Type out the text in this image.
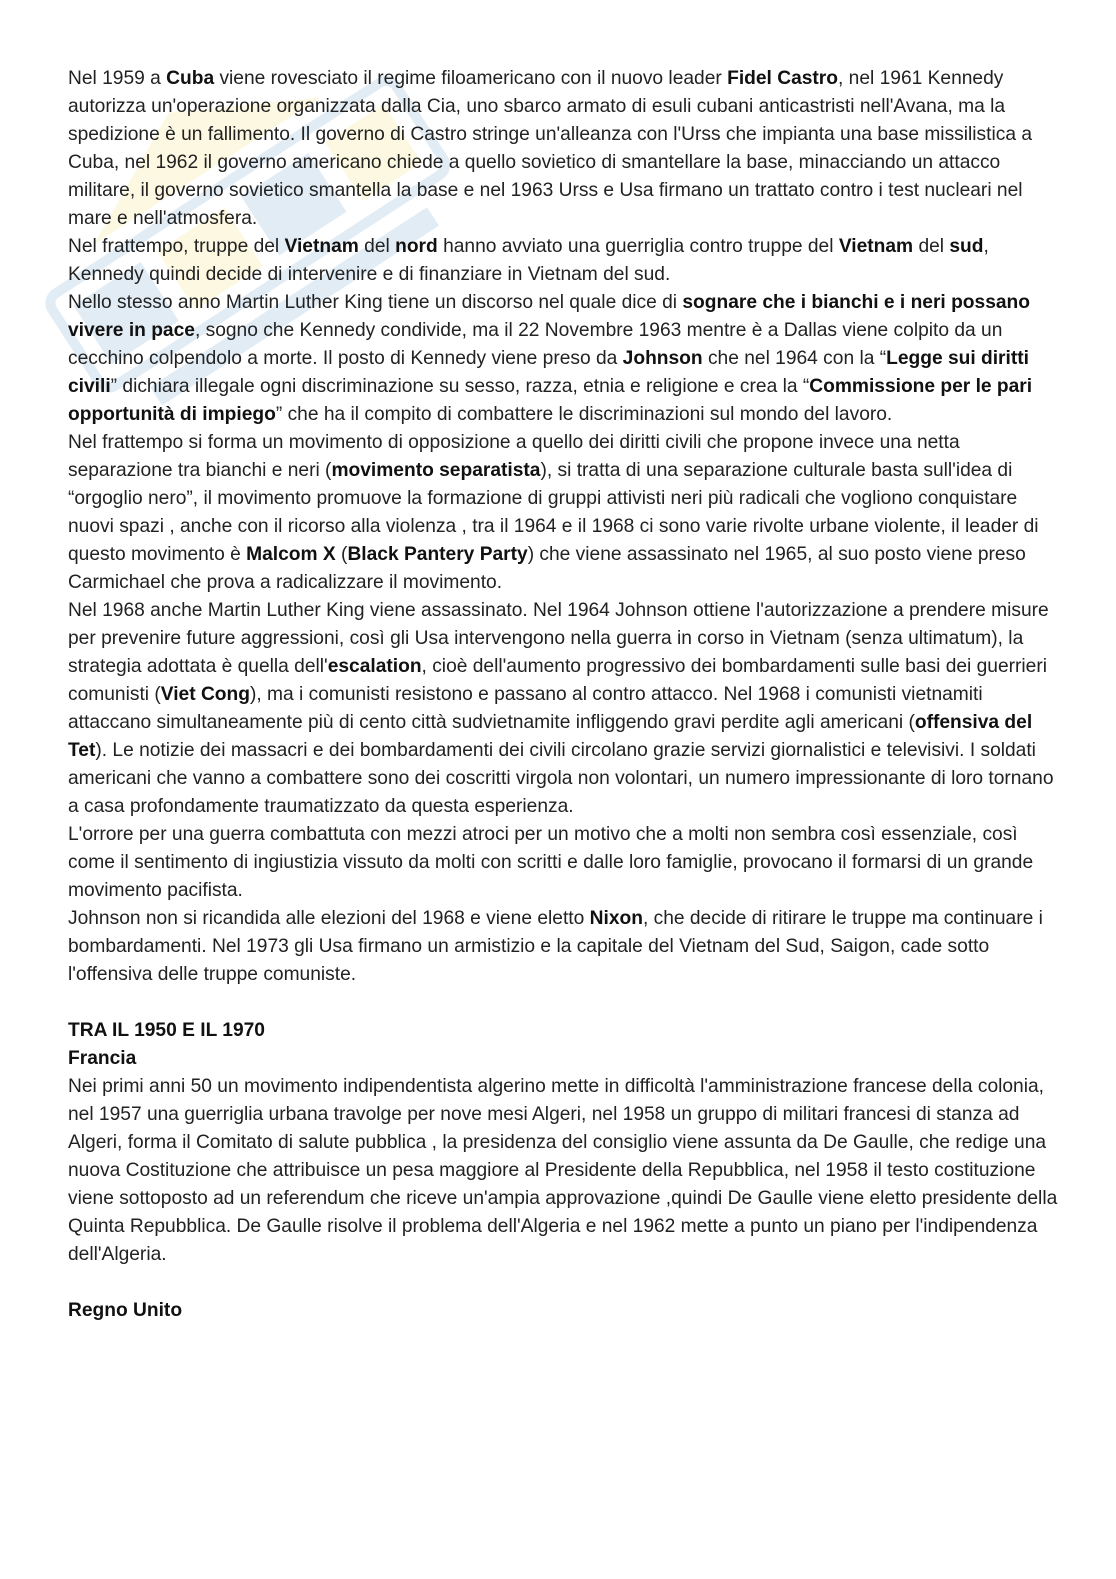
Nel 1959 a Cuba viene rovesciato il regime filoamericano con il nuovo leader Fidel Castro, nel 1961 Kennedy autorizza un'operazione organizzata dalla Cia, uno sbarco armato di esuli cubani anticastristi nell'Avana, ma la spedizione è un fallimento. Il governo di Castro stringe un'alleanza con l'Urss che impianta una base missilistica a Cuba, nel 1962 il governo americano chiede a quello sovietico di smantellare la base, minacciando un attacco militare, il governo sovietico smantella la base e nel 1963 Urss e Usa firmano un trattato contro i test nucleari nel mare e nell'atmosfera.

Nel frattempo, truppe del Vietnam del nord hanno avviato una guerriglia contro truppe del Vietnam del sud, Kennedy quindi decide di intervenire e di finanziare in Vietnam del sud.

Nello stesso anno Martin Luther King tiene un discorso nel quale dice di sognare che i bianchi e i neri possano vivere in pace, sogno che Kennedy condivide, ma il 22 Novembre 1963 mentre è a Dallas viene colpito da un cecchino colpendolo a morte. Il posto di Kennedy viene preso da Johnson che nel 1964 con la “Legge sui diritti civili” dichiara illegale ogni discriminazione su sesso, razza, etnia e religione e crea la “Commissione per le pari opportunità di impiego” che ha il compito di combattere le discriminazioni sul mondo del lavoro.

Nel frattempo si forma un movimento di opposizione a quello dei diritti civili che propone invece una netta separazione tra bianchi e neri (movimento separatista), si tratta di una separazione culturale basta sull'idea di “orgoglio nero”, il movimento promuove la formazione di gruppi attivisti neri più radicali che vogliono conquistare nuovi spazi , anche con il ricorso alla violenza , tra il 1964 e il 1968 ci sono varie rivolte urbane violente, il leader di questo movimento è Malcom X (Black Pantery Party) che viene assassinato nel 1965, al suo posto viene preso Carmichael che prova a radicalizzare il movimento.

Nel 1968 anche Martin Luther King viene assassinato. Nel 1964 Johnson ottiene l'autorizzazione a prendere misure per prevenire future aggressioni, così gli Usa intervengono nella guerra in corso in Vietnam (senza ultimatum), la strategia adottata è quella dell'escalation, cioè dell'aumento progressivo dei bombardamenti sulle basi dei guerrieri comunisti (Viet Cong), ma i comunisti resistono e passano al contro attacco. Nel 1968 i comunisti vietnamiti attaccano simultaneamente più di cento città sudvietnamite infliggendo gravi perdite agli americani (offensiva del Tet). Le notizie dei massacri e dei bombardamenti dei civili circolano grazie servizi giornalistici e televisivi. I soldati americani che vanno a combattere sono dei coscritti virgola non volontari, un numero impressionante di loro tornano a casa profondamente traumatizzato da questa esperienza.

L'orrore per una guerra combattuta con mezzi atroci per un motivo che a molti non sembra così essenziale, così come il sentimento di ingiustizia vissuto da molti con scritti e dalle loro famiglie, provocano il formarsi di un grande movimento pacifista.

Johnson non si ricandida alle elezioni del 1968 e viene eletto Nixon, che decide di ritirare le truppe ma continuare i bombardamenti. Nel 1973 gli Usa firmano un armistizio e la capitale del Vietnam del Sud, Saigon, cade sotto l'offensiva delle truppe comuniste.

TRA IL 1950 E IL 1970

Francia

Nei primi anni 50 un movimento indipendentista algerino mette in difficoltà l'amministrazione francese della colonia, nel 1957 una guerriglia urbana travolge per nove mesi Algeri, nel 1958 un gruppo di militari francesi di stanza ad Algeri, forma il Comitato di salute pubblica , la presidenza del consiglio viene assunta da De Gaulle, che redige una nuova Costituzione che attribuisce un pesa maggiore al Presidente della Repubblica, nel 1958 il testo costituzione viene sottoposto ad un referendum che riceve un'ampia approvazione ,quindi De Gaulle viene eletto presidente della Quinta Repubblica. De Gaulle risolve il problema dell'Algeria e nel 1962 mette a punto un piano per l'indipendenza dell'Algeria.

Regno Unito
